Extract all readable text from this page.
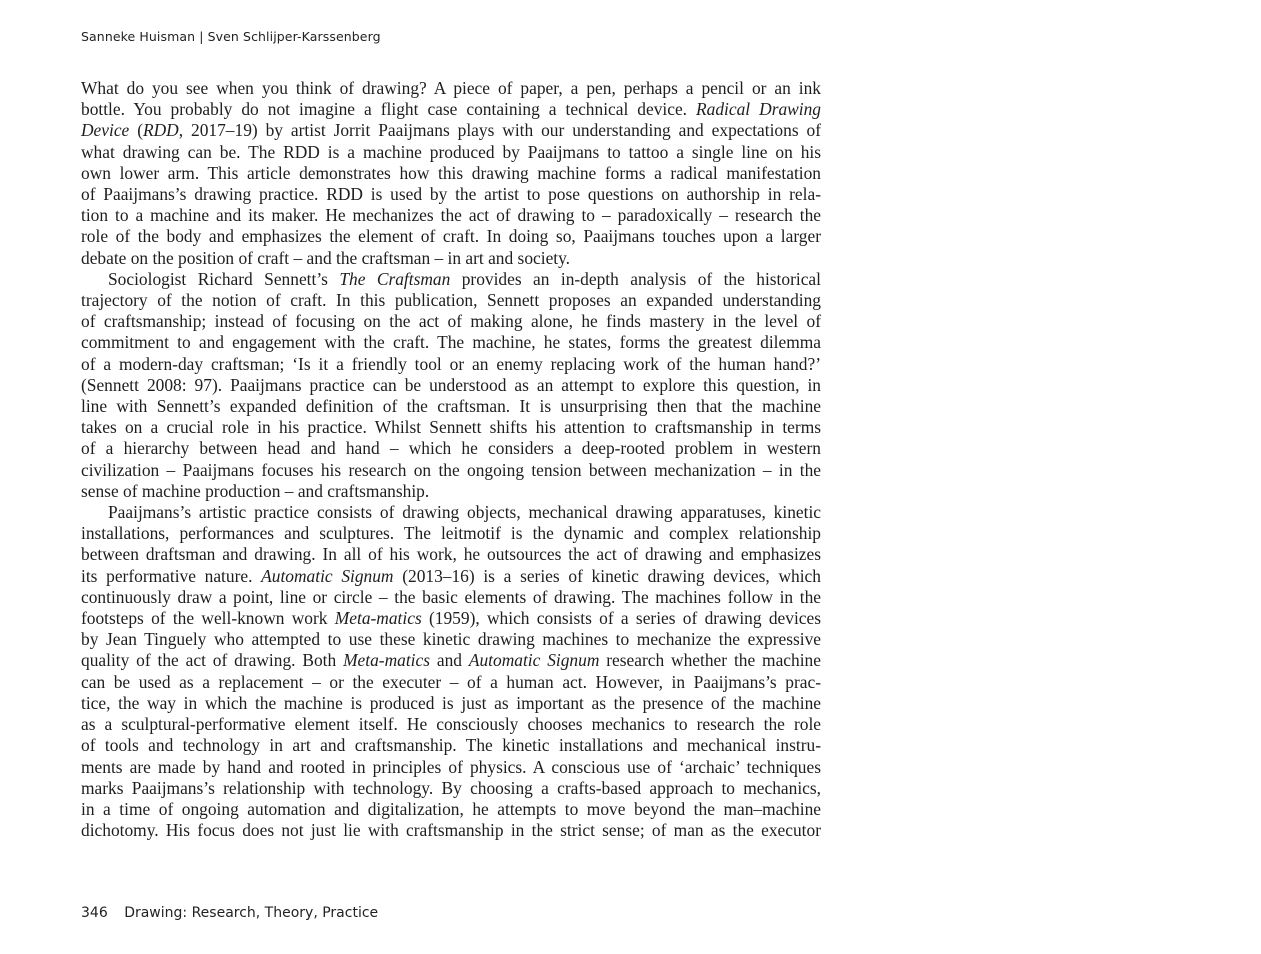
Sanneke Huisman | Sven Schlijper-Karssenberg
What do you see when you think of drawing? A piece of paper, a pen, perhaps a pencil or an ink
bottle. You probably do not imagine a flight case containing a technical device. Radical Drawing
Device (RDD, 2017–19) by artist Jorrit Paaijmans plays with our understanding and expectations of
what drawing can be. The RDD is a machine produced by Paaijmans to tattoo a single line on his
own lower arm. This article demonstrates how this drawing machine forms a radical manifestation
of Paaijmans’s drawing practice. RDD is used by the artist to pose questions on authorship in rela-
tion to a machine and its maker. He mechanizes the act of drawing to – paradoxically – research the
role of the body and emphasizes the element of craft. In doing so, Paaijmans touches upon a larger
debate on the position of craft – and the craftsman – in art and society.
Sociologist Richard Sennett’s The Craftsman provides an in-depth analysis of the historical
trajectory of the notion of craft. In this publication, Sennett proposes an expanded understanding
of craftsmanship; instead of focusing on the act of making alone, he finds mastery in the level of
commitment to and engagement with the craft. The machine, he states, forms the greatest dilemma
of a modern-day craftsman; ‘Is it a friendly tool or an enemy replacing work of the human hand?’
(Sennett 2008: 97). Paaijmans practice can be understood as an attempt to explore this question, in
line with Sennett’s expanded definition of the craftsman. It is unsurprising then that the machine
takes on a crucial role in his practice. Whilst Sennett shifts his attention to craftsmanship in terms
of a hierarchy between head and hand – which he considers a deep-rooted problem in western
civilization – Paaijmans focuses his research on the ongoing tension between mechanization – in the
sense of machine production – and craftsmanship.
Paaijmans’s artistic practice consists of drawing objects, mechanical drawing apparatuses, kinetic
installations, performances and sculptures. The leitmotif is the dynamic and complex relationship
between draftsman and drawing. In all of his work, he outsources the act of drawing and emphasizes
its performative nature. Automatic Signum (2013–16) is a series of kinetic drawing devices, which
continuously draw a point, line or circle – the basic elements of drawing. The machines follow in the
footsteps of the well-known work Meta-matics (1959), which consists of a series of drawing devices
by Jean Tinguely who attempted to use these kinetic drawing machines to mechanize the expressive
quality of the act of drawing. Both Meta-matics and Automatic Signum research whether the machine
can be used as a replacement – or the executer – of a human act. However, in Paaijmans’s prac-
tice, the way in which the machine is produced is just as important as the presence of the machine
as a sculptural-performative element itself. He consciously chooses mechanics to research the role
of tools and technology in art and craftsmanship. The kinetic installations and mechanical instru-
ments are made by hand and rooted in principles of physics. A conscious use of ‘archaic’ techniques
marks Paaijmans’s relationship with technology. By choosing a crafts-based approach to mechanics,
in a time of ongoing automation and digitalization, he attempts to move beyond the man–machine
dichotomy. His focus does not just lie with craftsmanship in the strict sense; of man as the executor
346 Drawing: Research, Theory, Practice
